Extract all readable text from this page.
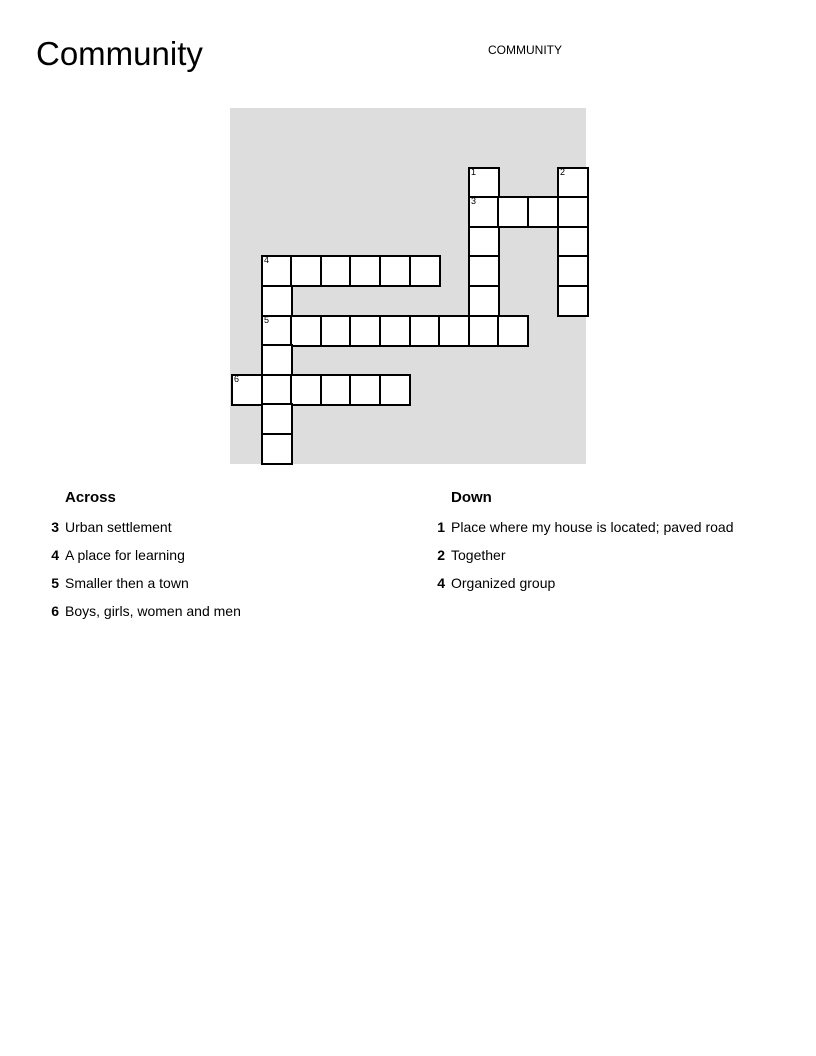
Community	COMMUNITY
1	2
3
4
5
6
Across
3 Urban settlement
4 A place for learning
5 Smaller then a town
6 Boys, girls, women and men
Down
1 Place where my house is located; paved road
2 Together
4 Organized group
